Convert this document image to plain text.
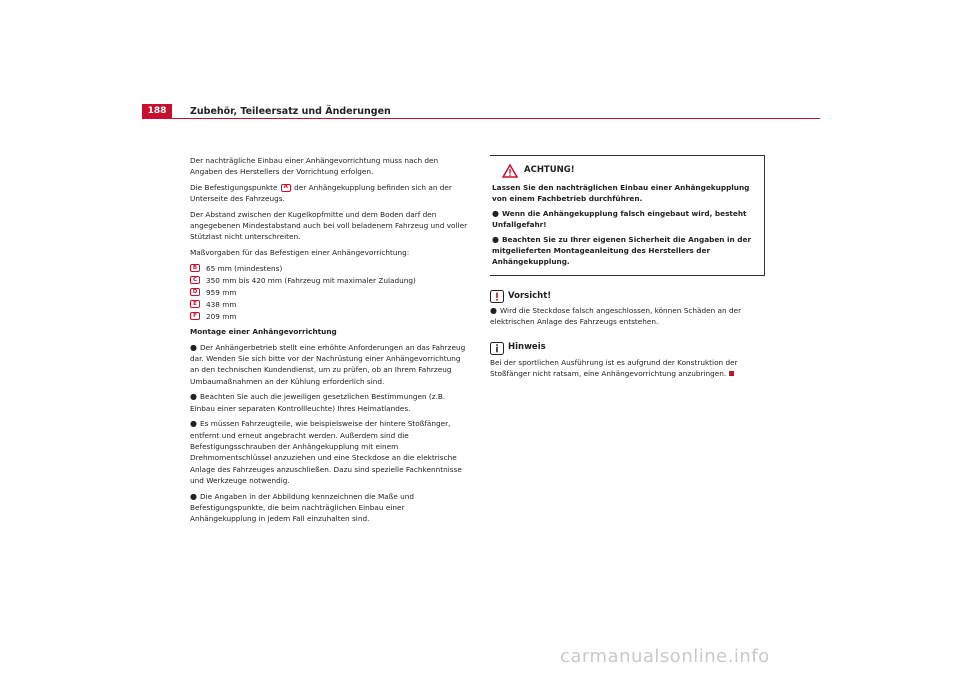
188	Zubehör, Teileersatz und Änderungen

Der nachträgliche Einbau einer Anhängevorrichtung muss nach den Angaben des Herstellers der Vorrichtung erfolgen.

Die Befestigungspunkte A der Anhängekupplung befinden sich an der Unterseite des Fahrzeugs.

Der Abstand zwischen der Kugelkopfmitte und dem Boden darf den angegebenen Mindestabstand auch bei voll beladenem Fahrzeug und voller Stützlast nicht unterschreiten.

Maßvorgaben für das Befestigen einer Anhängevorrichtung:

B	65 mm (mindestens)
C	350 mm bis 420 mm (Fahrzeug mit maximaler Zuladung)
D	959 mm
E	438 mm
F	209 mm

Montage einer Anhängevorrichtung

● Der Anhängerbetrieb stellt eine erhöhte Anforderungen an das Fahrzeug dar. Wenden Sie sich bitte vor der Nachrüstung einer Anhängevorrichtung an den technischen Kundendienst, um zu prüfen, ob an Ihrem Fahrzeug Umbaumaßnahmen an der Kühlung erforderlich sind.

● Beachten Sie auch die jeweiligen gesetzlichen Bestimmungen (z.B. Einbau einer separaten Kontrollleuchte) Ihres Heimatlandes.

● Es müssen Fahrzeugteile, wie beispielsweise der hintere Stoßfänger, entfernt und erneut angebracht werden. Außerdem sind die Befestigungsschrauben der Anhängekupplung mit einem Drehmomentschlüssel anzuziehen und eine Steckdose an die elektrische Anlage des Fahrzeuges anzuschließen. Dazu sind spezielle Fachkenntnisse und Werkzeuge notwendig.

● Die Angaben in der Abbildung kennzeichnen die Maße und Befestigungspunkte, die beim nachträglichen Einbau einer Anhängekupplung in jedem Fall einzuhalten sind.

ACHTUNG!

Lassen Sie den nachträglichen Einbau einer Anhängekupplung von einem Fachbetrieb durchführen.

● Wenn die Anhängekupplung falsch eingebaut wird, besteht Unfallgefahr!

● Beachten Sie zu Ihrer eigenen Sicherheit die Angaben in der mitgelieferten Montageanleitung des Herstellers der Anhängekupplung.

Vorsicht!

● Wird die Steckdose falsch angeschlossen, können Schäden an der elektrischen Anlage des Fahrzeugs entstehen.

Hinweis

Bei der sportlichen Ausführung ist es aufgrund der Konstruktion der Stoßfänger nicht ratsam, eine Anhängevorrichtung anzubringen.

carmanualsonline.info
